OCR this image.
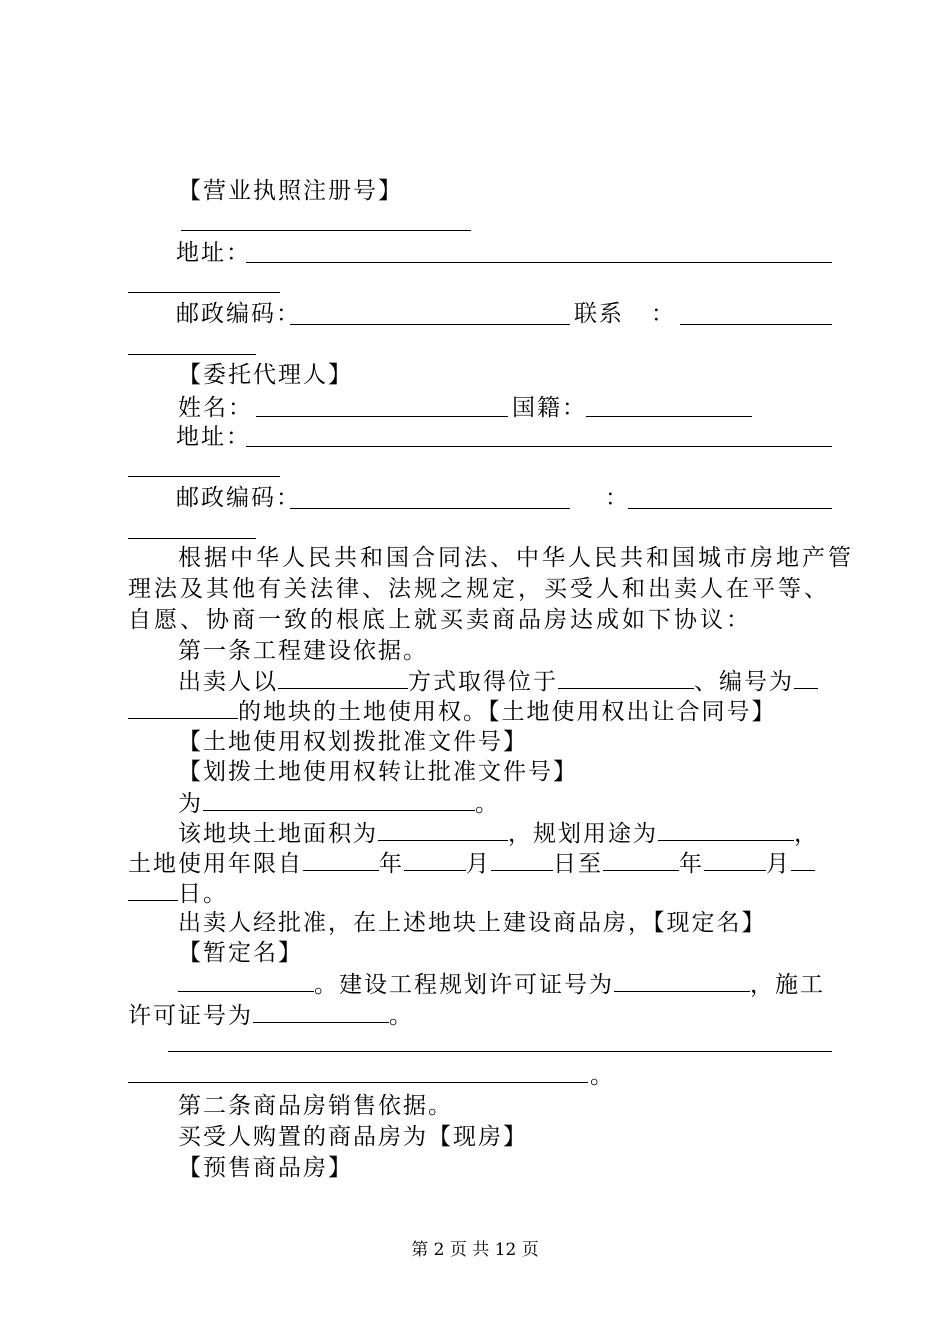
【营业执照注册号】
地址：
邮政编码：	联系 ：
【委托代理人】
姓名：	国籍：
地址：
邮政编码：	：
根据中华人民共和国合同法、中华人民共和国城市房地产管
理法及其他有关法律、法规之规定，买受人和出卖人在平等、
自愿、协商一致的根底上就买卖商品房达成如下协议：
第一条工程建设依据。
出卖人以	方式取得位于	、编号为
的地块的土地使用权。【土地使用权出让合同号】
【土地使用权划拨批准文件号】
【划拨土地使用权转让批准文件号】
为	。
该地块土地面积为	，规划用途为	，
土地使用年限自	年	月	日至	年	月
日。
出卖人经批准，在上述地块上建设商品房，【现定名】
【暂定名】
。建设工程规划许可证号为	，施工
许可证号为	。
。
第二条商品房销售依据。
买受人购置的商品房为【现房】
【预售商品房】
第 2 页 共 12 页
